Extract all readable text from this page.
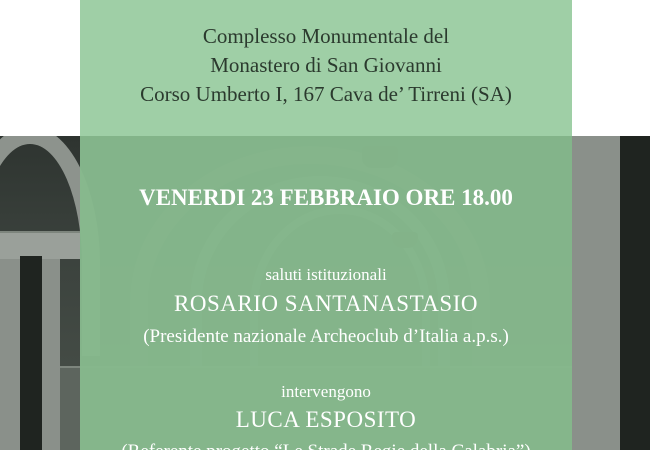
Complesso Monumentale del
Monastero di San Giovanni
Corso Umberto I, 167 Cava de’ Tirreni (SA)
VENERDI 23 FEBBRAIO ORE 18.00
saluti istituzionali
ROSARIO SANTANASTASIO
(Presidente nazionale Archeoclub d’Italia a.p.s.)
intervengono
LUCA ESPOSITO
(Referente progetto “Le Strade Regie della Calabria”)
